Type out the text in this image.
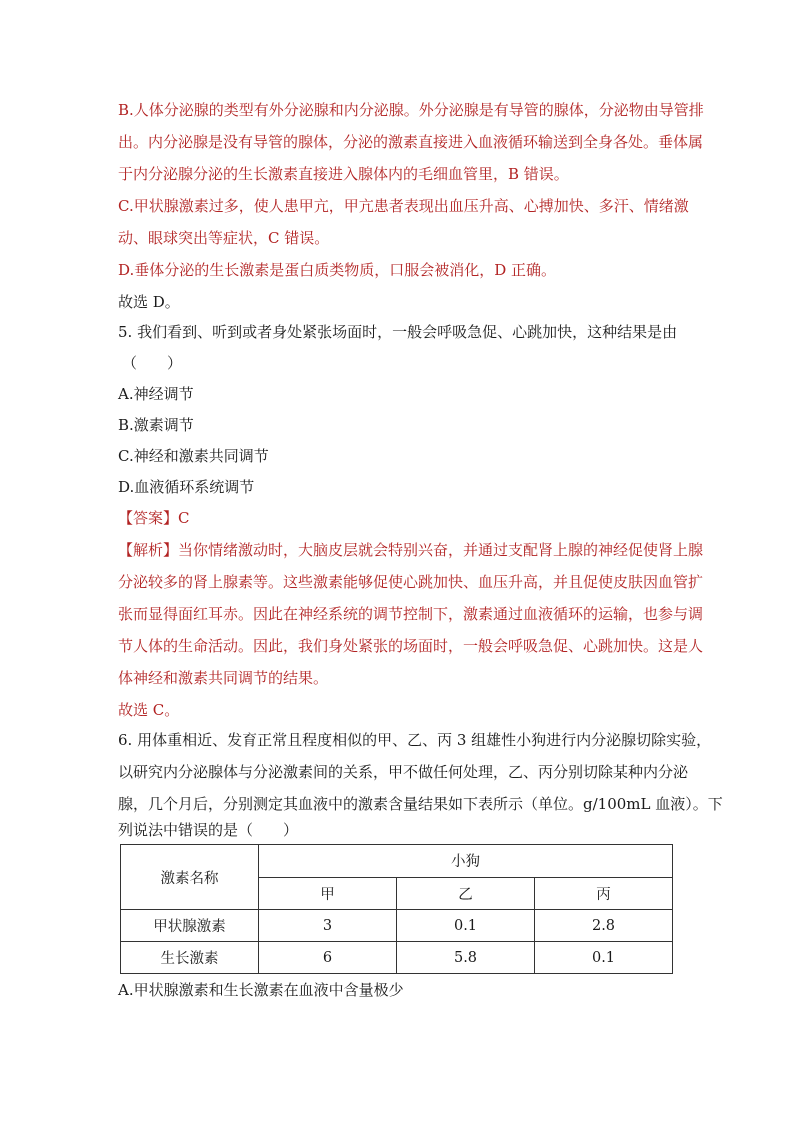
B.人体分泌腺的类型有外分泌腺和内分泌腺。外分泌腺是有导管的腺体，分泌物由导管排
出。内分泌腺是没有导管的腺体，分泌的激素直接进入血液循环输送到全身各处。垂体属
于内分泌腺分泌的生长激素直接进入腺体内的毛细血管里，B 错误。
C.甲状腺激素过多，使人患甲亢，甲亢患者表现出血压升高、心搏加快、多汗、情绪激
动、眼球突出等症状，C 错误。
D.垂体分泌的生长激素是蛋白质类物质，口服会被消化，D 正确。
故选 D。
5. 我们看到、听到或者身处紧张场面时，一般会呼吸急促、心跳加快，这种结果是由
（　　）
A.神经调节
B.激素调节
C.神经和激素共同调节
D.血液循环系统调节
【答案】C
【解析】当你情绪激动时，大脑皮层就会特别兴奋，并通过支配肾上腺的神经促使肾上腺
分泌较多的肾上腺素等。这些激素能够促使心跳加快、血压升高，并且促使皮肤因血管扩
张而显得面红耳赤。因此在神经系统的调节控制下，激素通过血液循环的运输，也参与调
节人体的生命活动。因此，我们身处紧张的场面时，一般会呼吸急促、心跳加快。这是人
体神经和激素共同调节的结果。
故选 C。
6. 用体重相近、发育正常且程度相似的甲、乙、丙 3 组雄性小狗进行内分泌腺切除实验，
以研究内分泌腺体与分泌激素间的关系，甲不做任何处理，乙、丙分别切除某种内分泌
腺，几个月后，分别测定其血液中的激素含量结果如下表所示（单位。g/100mL 血液）。下
列说法中错误的是（　　）
激素名称	小狗		
	甲	乙	丙
甲状腺激素	3	0.1	2.8
生长激素	6	5.8	0.1
A.甲状腺激素和生长激素在血液中含量极少
